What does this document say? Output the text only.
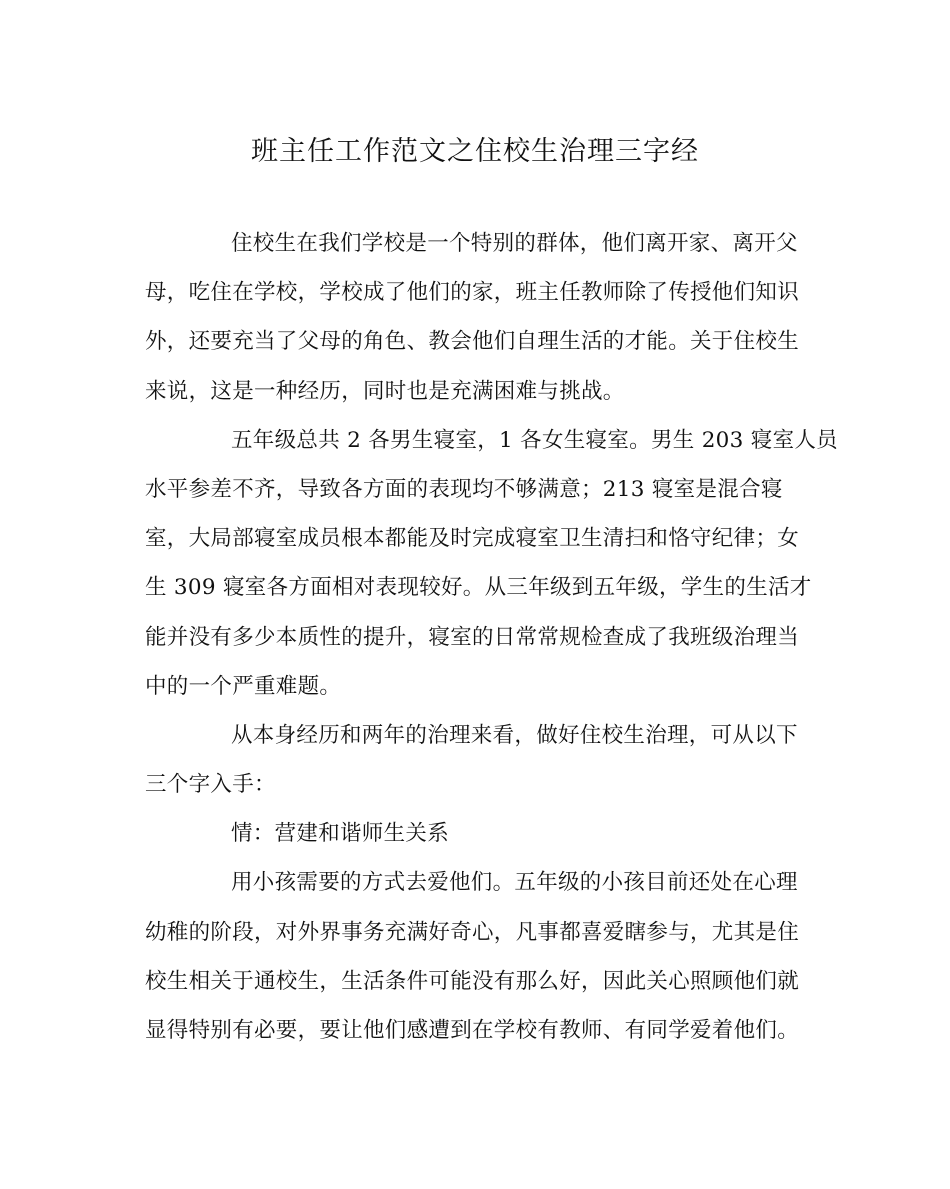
班主任工作范文之住校生治理三字经
住校生在我们学校是一个特别的群体，他们离开家、离开父
母，吃住在学校，学校成了他们的家，班主任教师除了传授他们知识
外，还要充当了父母的角色、教会他们自理生活的才能。关于住校生
来说，这是一种经历，同时也是充满困难与挑战。
五年级总共 2 各男生寝室，1 各女生寝室。男生 203 寝室人员
水平参差不齐，导致各方面的表现均不够满意；213 寝室是混合寝
室，大局部寝室成员根本都能及时完成寝室卫生清扫和恪守纪律；女
生 309 寝室各方面相对表现较好。从三年级到五年级，学生的生活才
能并没有多少本质性的提升，寝室的日常常规检查成了我班级治理当
中的一个严重难题。
从本身经历和两年的治理来看，做好住校生治理，可从以下
三个字入手：
情：营建和谐师生关系
用小孩需要的方式去爱他们。五年级的小孩目前还处在心理
幼稚的阶段，对外界事务充满好奇心，凡事都喜爱瞎参与，尤其是住
校生相关于通校生，生活条件可能没有那么好，因此关心照顾他们就
显得特别有必要，要让他们感遭到在学校有教师、有同学爱着他们。
